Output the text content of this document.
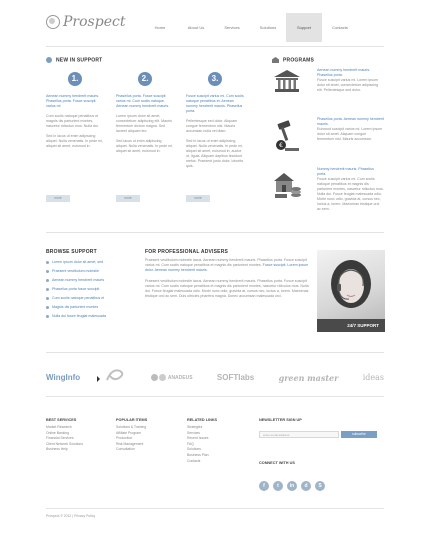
Prospect	Home	About Us	Services	Solutions	Support	Contacts
NEW IN SUPPORT
1.
Aenean nummy hendrerit mauris. Phasellus porta. Fusce suscipit varius mi
Cum sociis natoque penatibus et magnis dis parturient montes, nascetur ridiculus mus. Nulla dui.
Sed in lacus ut enim adipiscing aliquet. Nulla venenatis. In pede mi, aliquet sit amet, euismod in.
more
2.
Phasellus porta. Fusce suscipit varius mi. Cum sociis natoque. Aenean nummy hendrerit mauris.
Lorem ipsum dolor sit amet, consectetuer adipiscing elit. Mauris fermentum dictum magna. Sed laoreet aliquam leo.
Sed lacus ut enim adipiscing aliquet. Nulla venenatis. In pede mi, aliquet sit amet, euismod in.
more
3.
Fusce suscipit varius mi. Cum sociis natoque penatibus et. Aenean nummy hendrerit mauris. Phasellus porta.
Pellentesque sed dolor. Aliquam congue fermentum nisl. Mauris accumsan nulla vel diam.
Sed in lacus ut enim adipiscing aliquet. Nulla venenatis. In pede mi, aliquet sit amet, euismod in, auctor ut, ligula. Aliquam dapibus tincidunt metus. Praesent justo dolor, lobortis quis.
more
PROGRAMS
Aenean nummy hendrerit mauris. Phasellus porta.
Fusce suscipit varius mi. Lorem ipsum dolor sit amet, consectetuer adipiscing elit. Pellentesque sed dolor.
€
Phasellus porta. Aenean nummy hendrerit mauris.
Euismod suscipit varius mi. Lorem ipsum dolor sit amet. Aliquam congue fermentum nisl. Mauris accumsan.
Nummy hendrerit mauris. Phasellus porta.
Fusce suscipit varius mi. Cum sociis natoque penatibus et magnis dis parturient montes, nascetur ridiculus mus. Nulla dui. Fusce feugiat malesuada odio. Morbi nunc odio, gravida at, cursus nec, luctus a, lorem. Maecenas tristique orci ac sem.
BROWSE SUPPORT
Lorem ipsum dolor sit amet, sed
Praesent vestibulum molestie
Aenean nummy hendrerit mauris
Phasellus porta fusce suscipit
Cum sociis natoque penatibus et
Magnis dis parturient montes
Nulla dui fusce feugiat malesuada
FOR PROFESSIONAL ADVISERS
Praesent vestibulum molestie lacus. Aenean nummy hendrerit mauris. Phasellus porta. Fusce suscipit varius mi. Cum sociis natoque penatibus et magnis dis parturient montes. Fusce suscipit. Lorem ipsum dolor. Aenean nummy hendrerit mauris.
Praesent vestibulum molestie lacus. Aenean nummy hendrerit mauris. Phasellus porta. Fusce suscipit varius mi. Cum sociis natoque penatibus et magnis dis parturient montes, nascetur ridiculus mus. Nulla dui. Fusce feugiat malesuada odio. Morbi nunc odio, gravida at, cursus nec, luctus a, lorem. Maecenas tristique orci ac sem. Duis ultricies pharetra magna. Donec accumsan malesuada orci.
24/7 SUPPORT
WingInfo	ANADEUS	SOFTlabs	green master	ideas
BEST SERVICES
Market Research
Online Banking
Financial Services
Client Network Solutions
Business Help
POPULAR ITEMS
Solutions & Training
Affiliate Program
Production
Risk Management
Consultation
RELATED LINKS
Strategies
Services
Recent Issues
FAQ
Solutions
Business Plan
Contacts
NEWSLETTER SIGN UP
enter email address	subscribe
CONNECT WITH US
f t in d S
Prospect © 2012 | Privacy Policy
